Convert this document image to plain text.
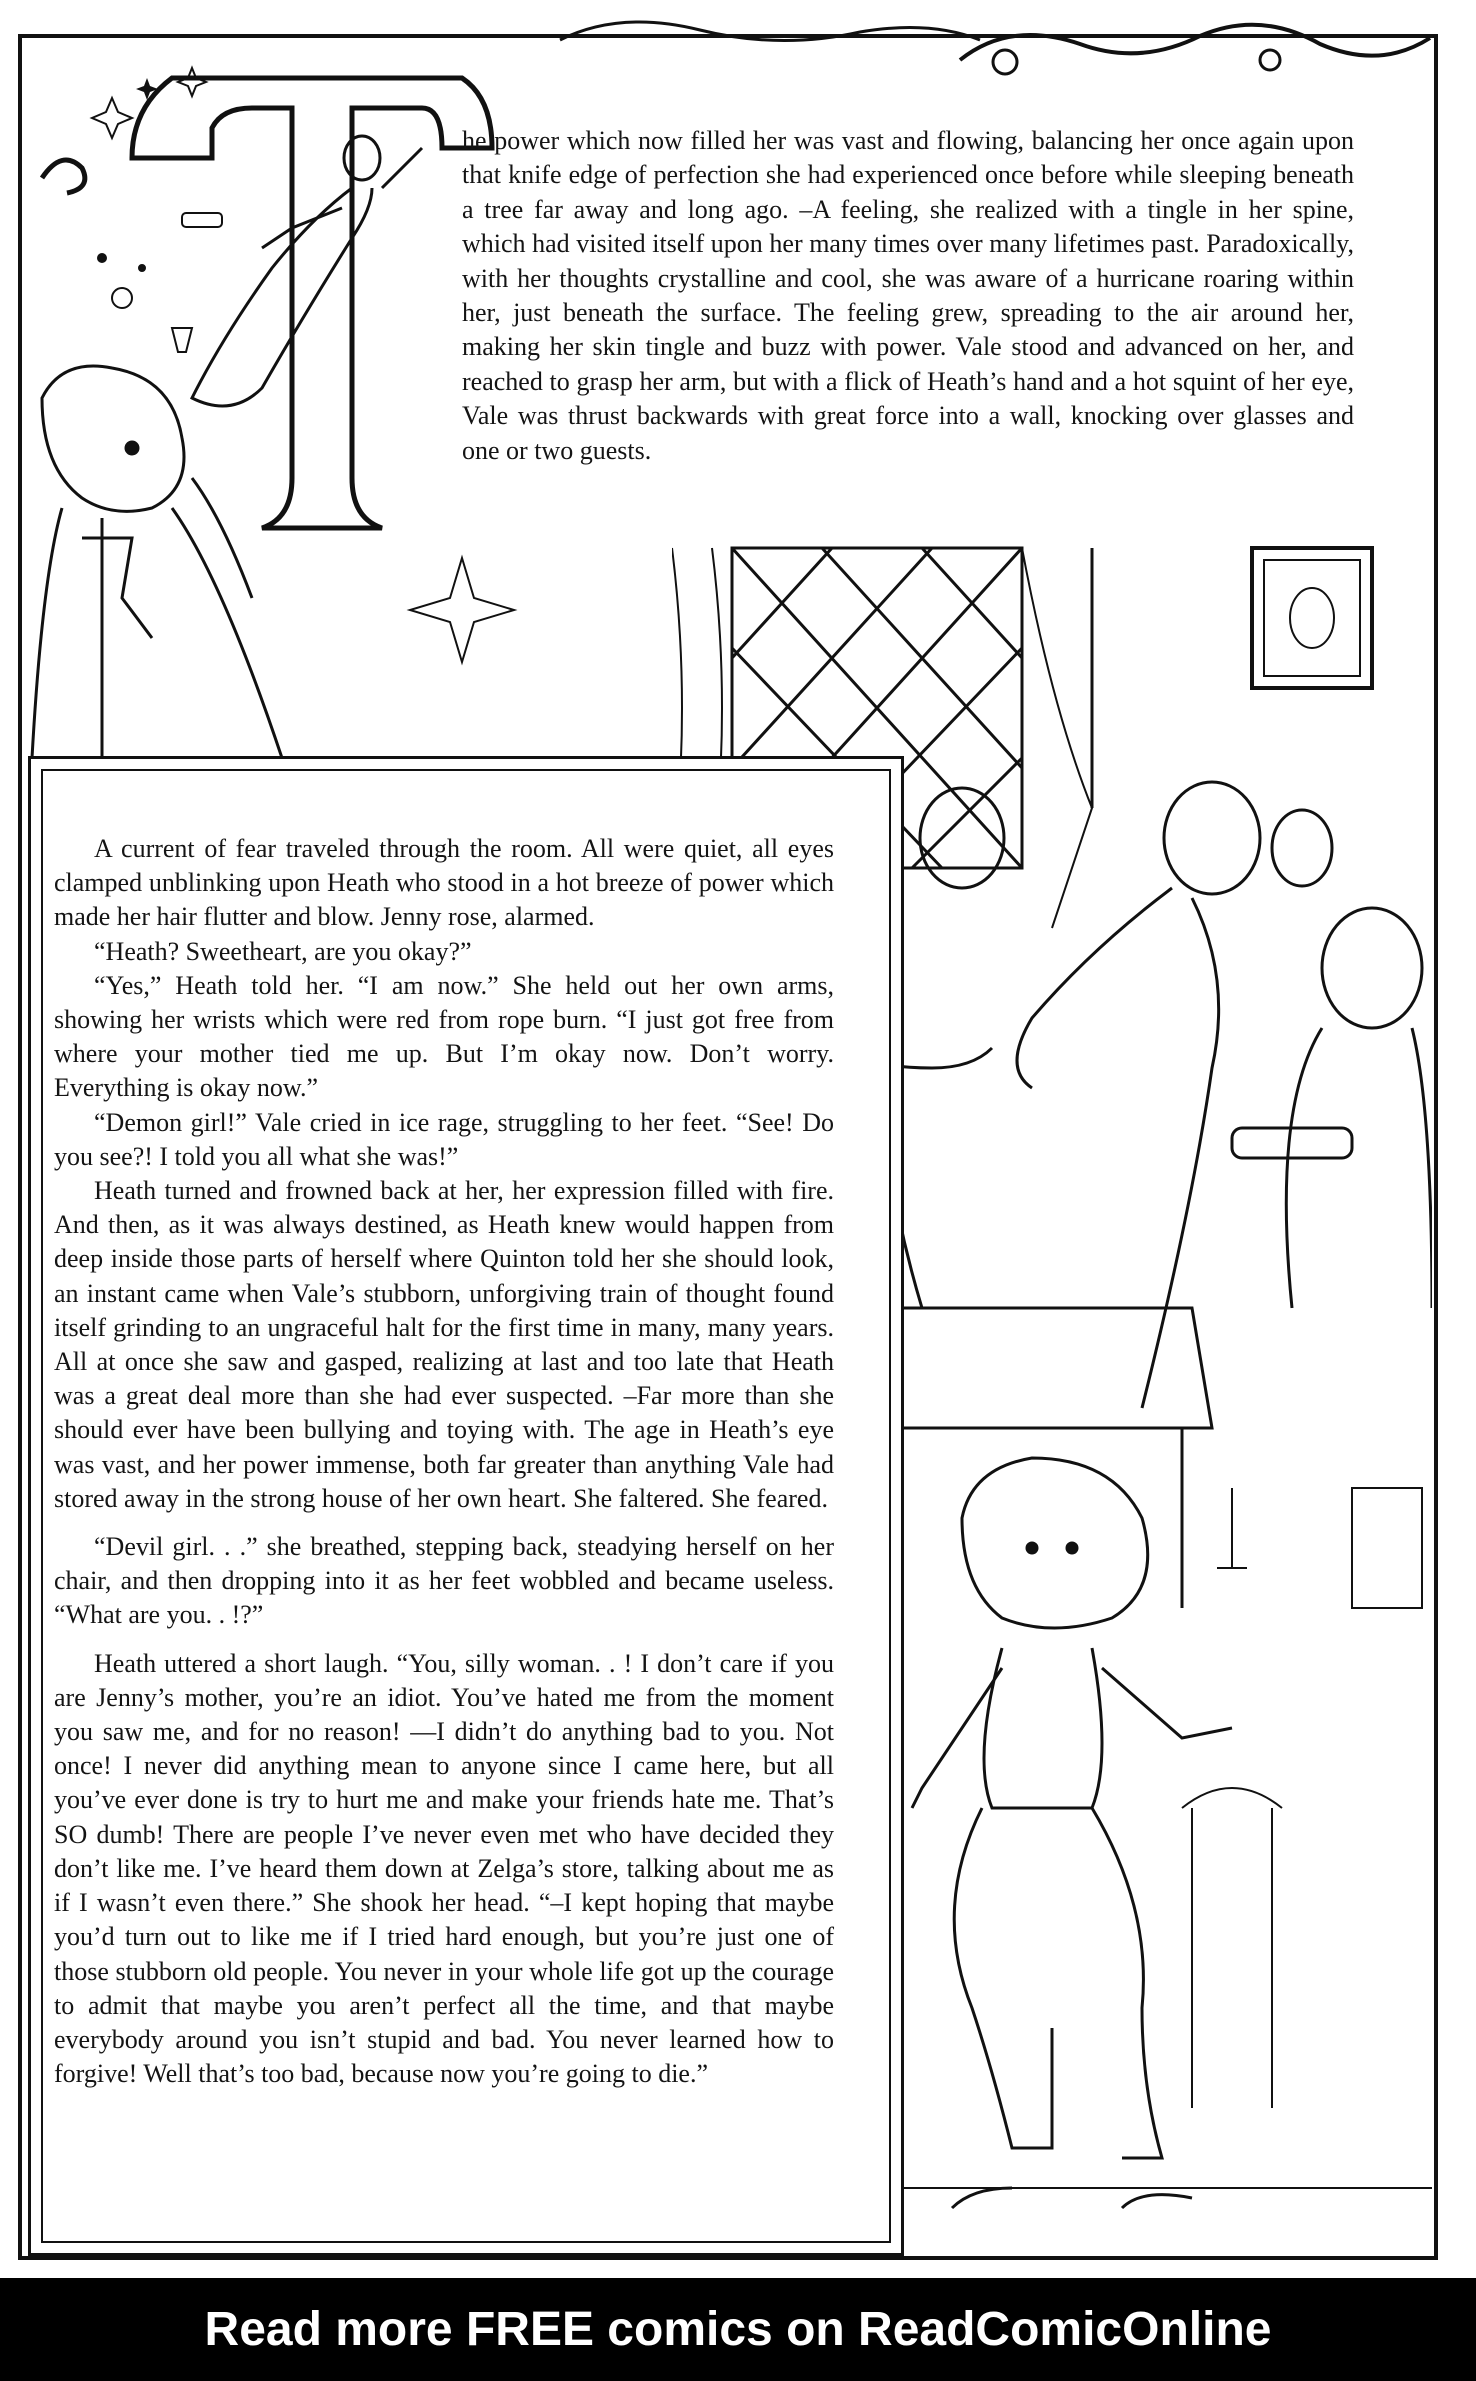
he power which now filled her was vast and flowing, balancing her once again upon that knife edge of perfection she had experienced once before while sleeping beneath a tree far away and long ago. –A feeling, she realized with a tingle in her spine, which had visited itself upon her many times over many lifetimes past. Paradoxically, with her thoughts crystalline and cool, she was aware of a hurricane roaring within her, just beneath the surface. The feeling grew, spreading to the air around her, making her skin tingle and buzz with power. Vale stood and advanced on her, and reached to grasp her arm, but with a flick of Heath’s hand and a hot squint of her eye, Vale was thrust backwards with great force into a wall, knocking over glasses and one or two guests.

A current of fear traveled through the room. All were quiet, all eyes clamped unblinking upon Heath who stood in a hot breeze of power which made her hair flutter and blow. Jenny rose, alarmed.

“Heath? Sweetheart, are you okay?”

“Yes,” Heath told her. “I am now.” She held out her own arms, showing her wrists which were red from rope burn. “I just got free from where your mother tied me up. But I’m okay now. Don’t worry. Everything is okay now.”

“Demon girl!” Vale cried in ice rage, struggling to her feet. “See! Do you see?! I told you all what she was!”

Heath turned and frowned back at her, her expression filled with fire. And then, as it was always destined, as Heath knew would happen from deep inside those parts of herself where Quinton told her she should look, an instant came when Vale’s stubborn, unforgiving train of thought found itself grinding to an ungraceful halt for the first time in many, many years. All at once she saw and gasped, realizing at last and too late that Heath was a great deal more than she had ever suspected. –Far more than she should ever have been bullying and toying with. The age in Heath’s eye was vast, and her power immense, both far greater than anything Vale had stored away in the strong house of her own heart. She faltered. She feared.

“Devil girl. . .” she breathed, stepping back, steadying herself on her chair, and then dropping into it as her feet wobbled and became useless. “What are you. . !?”

Heath uttered a short laugh. “You, silly woman. . ! I don’t care if you are Jenny’s mother, you’re an idiot. You’ve hated me from the moment you saw me, and for no reason! —I didn’t do anything bad to you. Not once! I never did anything mean to anyone since I came here, but all you’ve ever done is try to hurt me and make your friends hate me. That’s SO dumb! There are people I’ve never even met who have decided they don’t like me. I’ve heard them down at Zelga’s store, talking about me as if I wasn’t even there.” She shook her head. “–I kept hoping that maybe you’d turn out to like me if I tried hard enough, but you’re just one of those stubborn old people. You never in your whole life got up the courage to admit that maybe you aren’t perfect all the time, and that maybe everybody around you isn’t stupid and bad. You never learned how to forgive! Well that’s too bad, because now you’re going to die.”

Read more FREE comics on ReadComicOnline
